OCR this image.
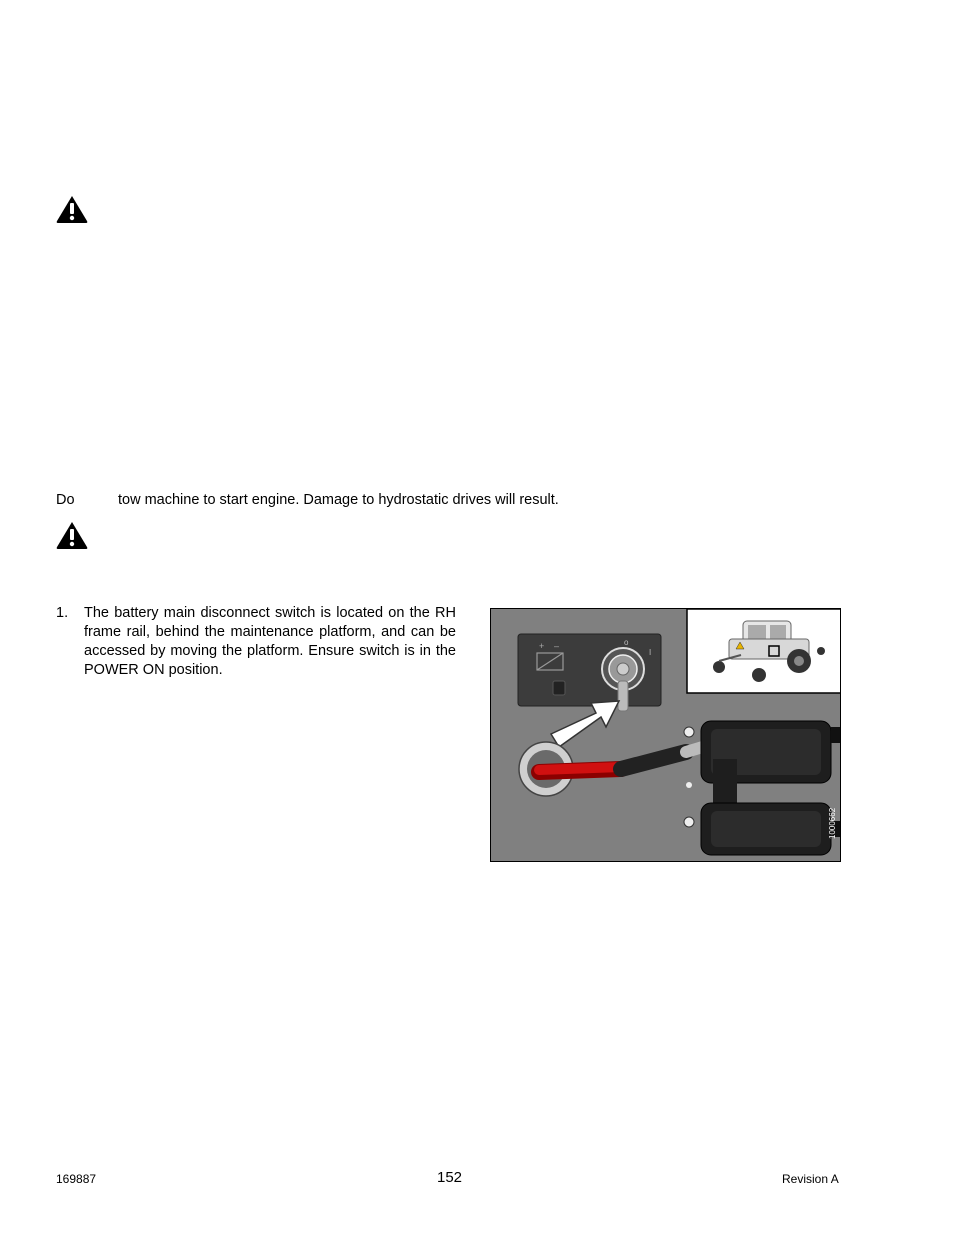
Do	tow machine to start engine. Damage to hydrostatic drives will result.
1. The battery main disconnect switch is located on the RH frame rail, behind the maintenance platform, and can be accessed by moving the platform. Ensure switch is in the POWER ON position.
+ –	o
I
1000662
169887	152	Revision A
